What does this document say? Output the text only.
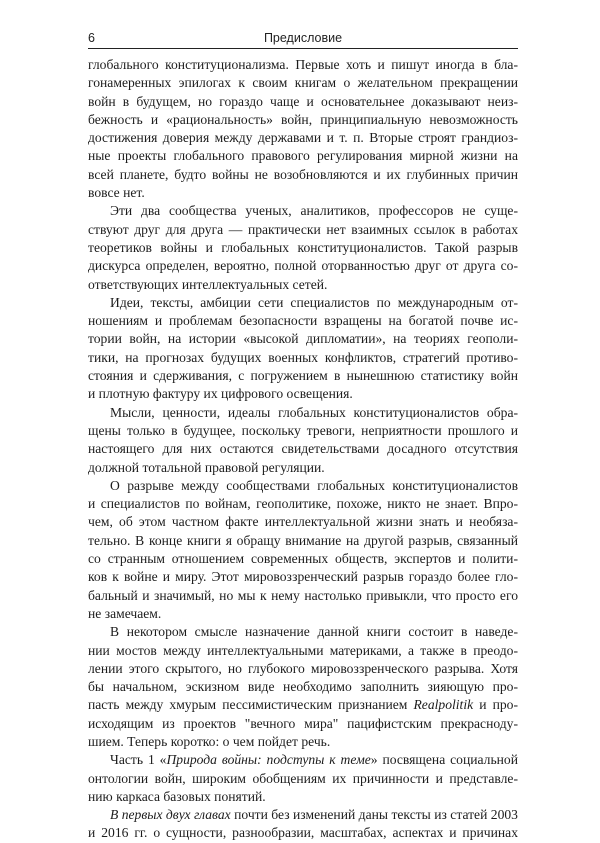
6	Предисловие
глобального конституционализма. Первые хоть и пишут иногда в бла-
гонамеренных эпилогах к своим книгам о желательном прекращении
войн в будущем, но гораздо чаще и основательнее доказывают неиз-
бежность и «рациональность» войн, принципиальную невозможность
достижения доверия между державами и т. п. Вторые строят грандиоз-
ные проекты глобального правового регулирования мирной жизни на
всей планете, будто войны не возобновляются и их глубинных причин
вовсе нет.
Эти два сообщества ученых, аналитиков, профессоров не суще-
ствуют друг для друга — практически нет взаимных ссылок в работах
теоретиков войны и глобальных конституционалистов. Такой разрыв
дискурса определен, вероятно, полной оторванностью друг от друга со-
ответствующих интеллектуальных сетей.
Идеи, тексты, амбиции сети специалистов по международным от-
ношениям и проблемам безопасности взращены на богатой почве ис-
тории войн, на истории «высокой дипломатии», на теориях геополи-
тики, на прогнозах будущих военных конфликтов, стратегий противо-
стояния и сдерживания, с погружением в нынешнюю статистику войн
и плотную фактуру их цифрового освещения.
Мысли, ценности, идеалы глобальных конституционалистов обра-
щены только в будущее, поскольку тревоги, неприятности прошлого и
настоящего для них остаются свидетельствами досадного отсутствия
должной тотальной правовой регуляции.
О разрыве между сообществами глобальных конституционалистов
и специалистов по войнам, геополитике, похоже, никто не знает. Впро-
чем, об этом частном факте интеллектуальной жизни знать и необяза-
тельно. В конце книги я обращу внимание на другой разрыв, связанный
со странным отношением современных обществ, экспертов и полити-
ков к войне и миру. Этот мировоззренческий разрыв гораздо более гло-
бальный и значимый, но мы к нему настолько привыкли, что просто его
не замечаем.
В некотором смысле назначение данной книги состоит в наведе-
нии мостов между интеллектуальными материками, а также в преодо-
лении этого скрытого, но глубокого мировоззренческого разрыва. Хотя
бы начальном, эскизном виде необходимо заполнить зияющую про-
пасть между хмурым пессимистическим признанием Realpolitik и про-
исходящим из проектов "вечного мира" пацифистским прекраснодy-
шием. Теперь коротко: о чем пойдет речь.
Часть 1 «Природа войны: подступы к теме» посвящена социальной
онтологии войн, широким обобщениям их причинности и представле-
нию каркаса базовых понятий.
В первых двух главах почти без изменений даны тексты из статей 2003
и 2016 гг. о сущности, разнообразии, масштабах, аспектах и причинах
